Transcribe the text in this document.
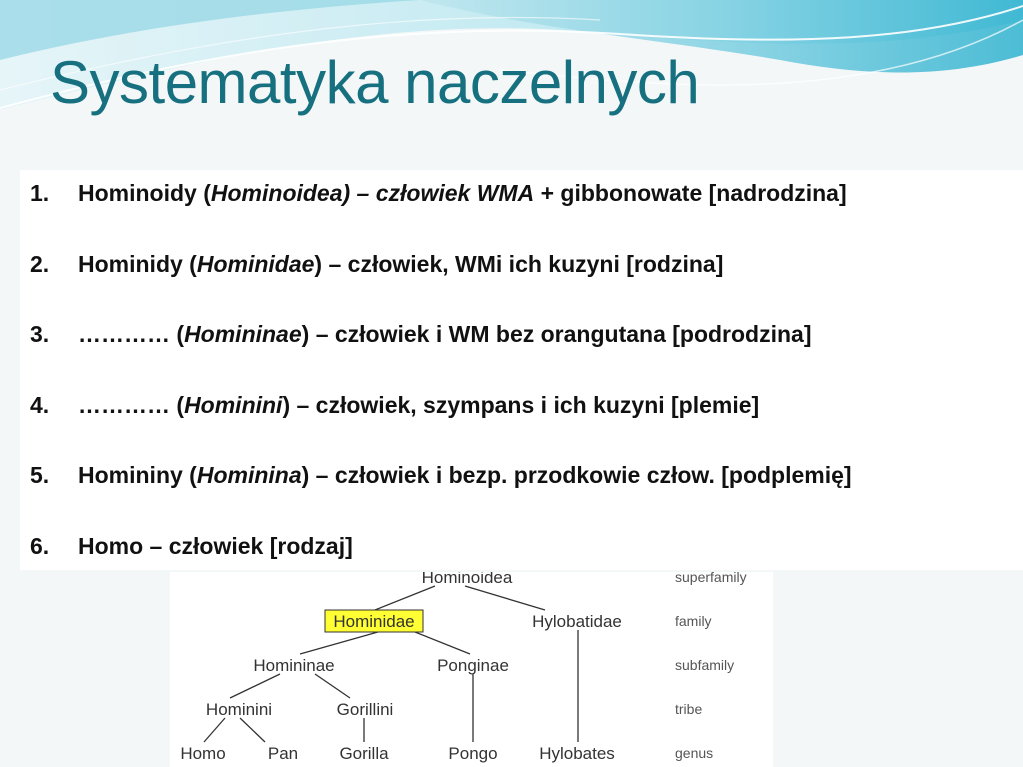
Systematyka naczelnych
1. Hominoidy (Hominoidea) – człowiek WMA + gibbonowate [nadrodzina]
2. Hominidy (Hominidae) – człowiek, WMi ich kuzyni [rodzina]
3. ………… (Homininae) – człowiek i WM bez orangutana [podrodzina]
4. ………… (Hominini) – człowiek, szympans i ich kuzyni [plemie]
5. Homininy (Hominina) – człowiek i bezp. przodkowie człow. [podplemię]
6. Homo – człowiek [rodzaj]
Hominoidea
Hominidae	Hylobatidae
Homininae	Ponginae
Hominini	Gorillini
Homo Pan Gorilla	Pongo Hylobates
superfamily
family
subfamily
tribe
genus
